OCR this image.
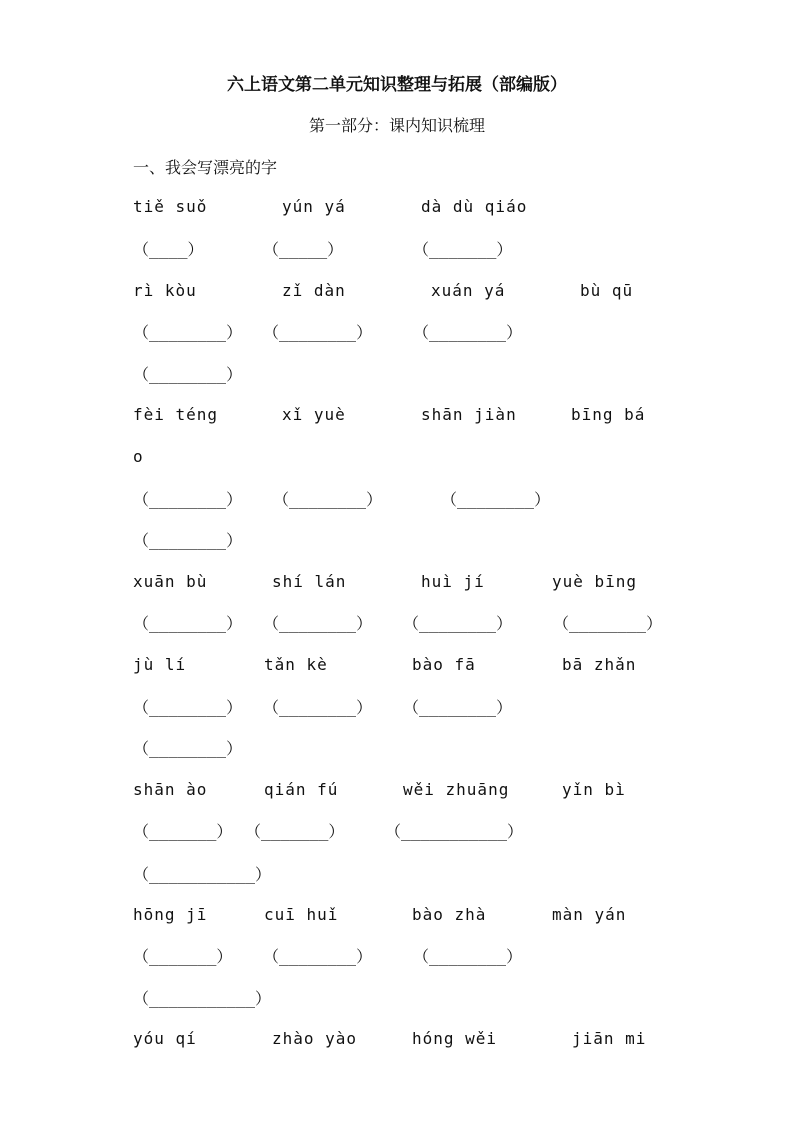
六上语文第二单元知识整理与拓展（部编版）
第一部分：课内知识梳理
一、我会写漂亮的字
tiě suǒ	yún yá	dà dù qiáo
（____）	（_____）	（_______）
rì kòu	zǐ dàn	xuán yá	bù qū
（________） （________）	（________）
（________）
fèi téng	xǐ yuè	shān jiàn	bīng bá
o
（________） （________）	（________）
（________）
xuān bù	shí lán	huì jí	yuè bīng
（________） （________） （________）	（________）
jù lí	tǎn kè	bào fā	bā zhǎn
（________） （________） （________）
（________）
shān ào	qián fú	wěi zhuāng	yǐn bì
（_______） （_______）	（___________）
（___________）
hōng jī	cuī huǐ	bào zhà	màn yán
（_______） （________）	（________）
（___________）
yóu qí	zhào yào	hóng wěi	jiān mi
